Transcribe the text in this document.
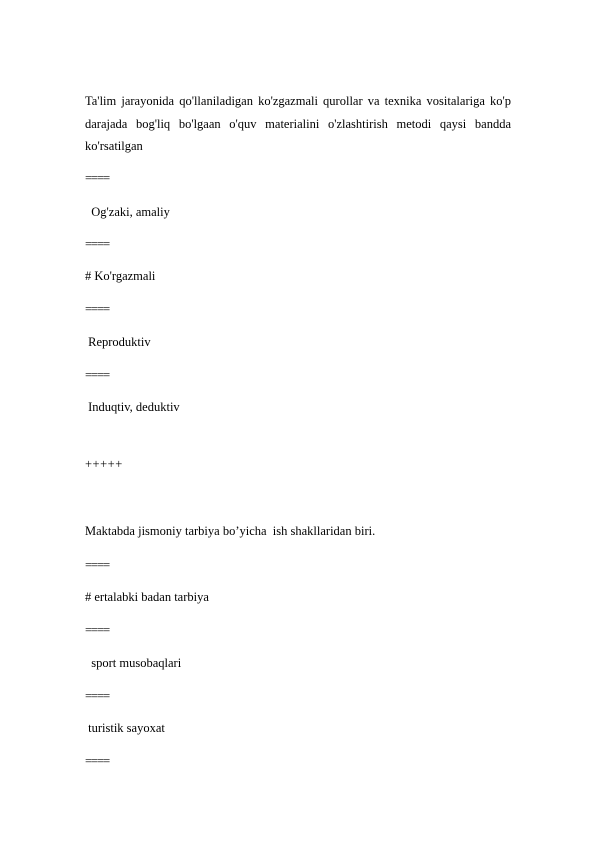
Ta'lim jarayonida qo'llaniladigan ko'zgazmali qurollar va texnika vositalariga ko'p
darajada bog'liq bo'lgaan o'quv materialini o'zlashtirish metodi qaysi bandda
ko'rsatilgan
====
Og'zaki, amaliy
====
# Ko'rgazmali
====
Reproduktiv
====
Induqtiv, deduktiv
+++++
Maktabda jismoniy tarbiya bo’yicha  ish shakllaridan biri.
====
# ertalabki badan tarbiya
====
sport musobaqlari
====
turistik sayoxat
====
